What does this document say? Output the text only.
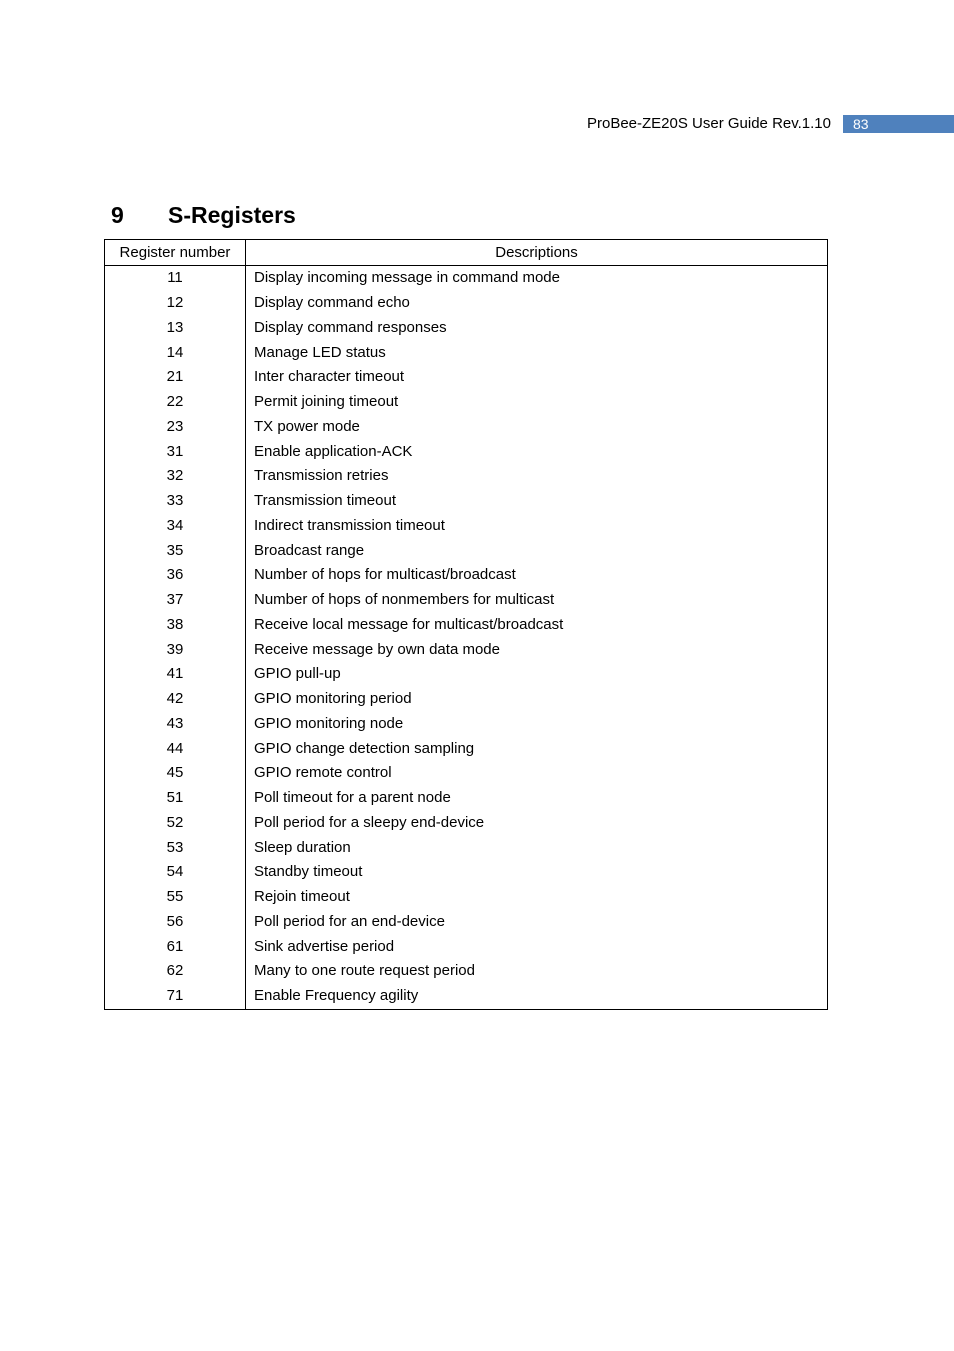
ProBee-ZE20S User Guide Rev.1.10	83
9 S-Registers
Register number	Descriptions
11	Display incoming message in command mode
12	Display command echo
13	Display command responses
14	Manage LED status
21	Inter character timeout
22	Permit joining timeout
23	TX power mode
31	Enable application-ACK
32	Transmission retries
33	Transmission timeout
34	Indirect transmission timeout
35	Broadcast range
36	Number of hops for multicast/broadcast
37	Number of hops of nonmembers for multicast
38	Receive local message for multicast/broadcast
39	Receive message by own data mode
41	GPIO pull-up
42	GPIO monitoring period
43	GPIO monitoring node
44	GPIO change detection sampling
45	GPIO remote control
51	Poll timeout for a parent node
52	Poll period for a sleepy end-device
53	Sleep duration
54	Standby timeout
55	Rejoin timeout
56	Poll period for an end-device
61	Sink advertise period
62	Many to one route request period
71	Enable Frequency agility
